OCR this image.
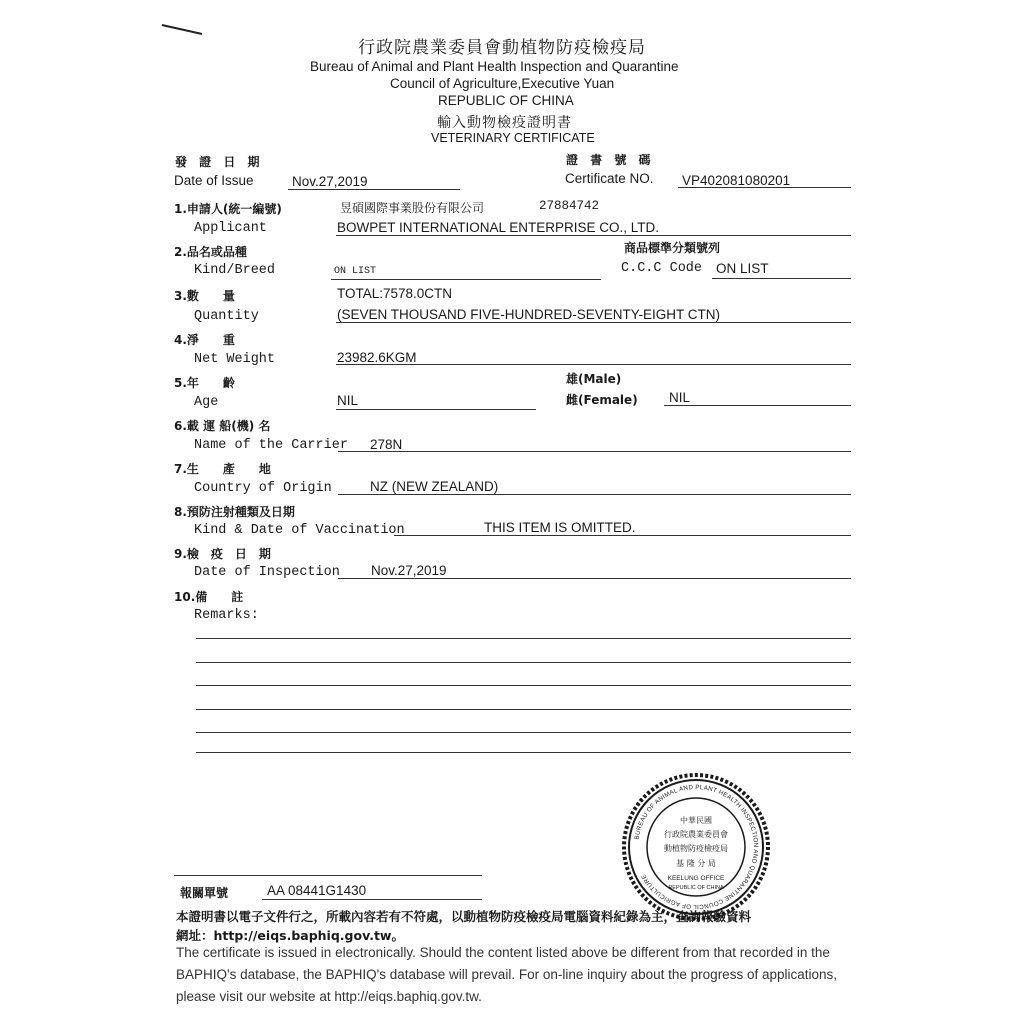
行政院農業委員會動植物防疫檢疫局
Bureau of Animal and Plant Health Inspection and Quarantine
Council of Agriculture,Executive Yuan
REPUBLIC OF CHINA
輸入動物檢疫證明書
VETERINARY CERTIFICATE
發 證 日 期
Date of Issue	Nov.27,2019
證 書 號 碼
Certificate NO. VP402081080201
1.申請人(統一編號)
Applicant
昱碩國際事業股份有限公司	27884742
BOWPET INTERNATIONAL ENTERPRISE CO., LTD.
2.品名或品種
Kind/Breed	ON LIST
商品標準分類號列
C.C.C Code ON LIST
3.數　　量
Quantity
TOTAL:7578.0CTN
(SEVEN THOUSAND FIVE-HUNDRED-SEVENTY-EIGHT CTN)
4.淨　　重
Net Weight	23982.6KGM
5.年　　齡
Age	NIL
雄(Male)
雌(Female) NIL
6.載 運 船(機) 名
Name of the Carrier 278N
7.生　　產　　地
Country of Origin	NZ (NEW ZEALAND)
8.預防注射種類及日期
Kind & Date of Vaccination	THIS ITEM IS OMITTED.
9.檢　疫　日　期
Date of Inspection Nov.27,2019
10.備　　註
Remarks:
BUREAU OF ANIMAL AND PLANT HEALTH INSPECTION AND QUARANTINE COUNCIL OF AGRICULTURE
中華民國
行政院農業委員會
動植物防疫檢疫局
基 隆 分 局
KEELUNG OFFICE
REPUBLIC OF CHINA
報關單號	AA 08441G1430
本證明書以電子文件行之，所載內容若有不符處，以動植物防疫檢疫局電腦資料紀錄為主，查詢報驗資料
網址：http://eiqs.baphiq.gov.tw。
The certificate is issued in electronically. Should the content listed above be different from that recorded in the BAPHIQ's database, the BAPHIQ's database will prevail. For on-line inquiry about the progress of applications, please visit our website at http://eiqs.baphiq.gov.tw.
